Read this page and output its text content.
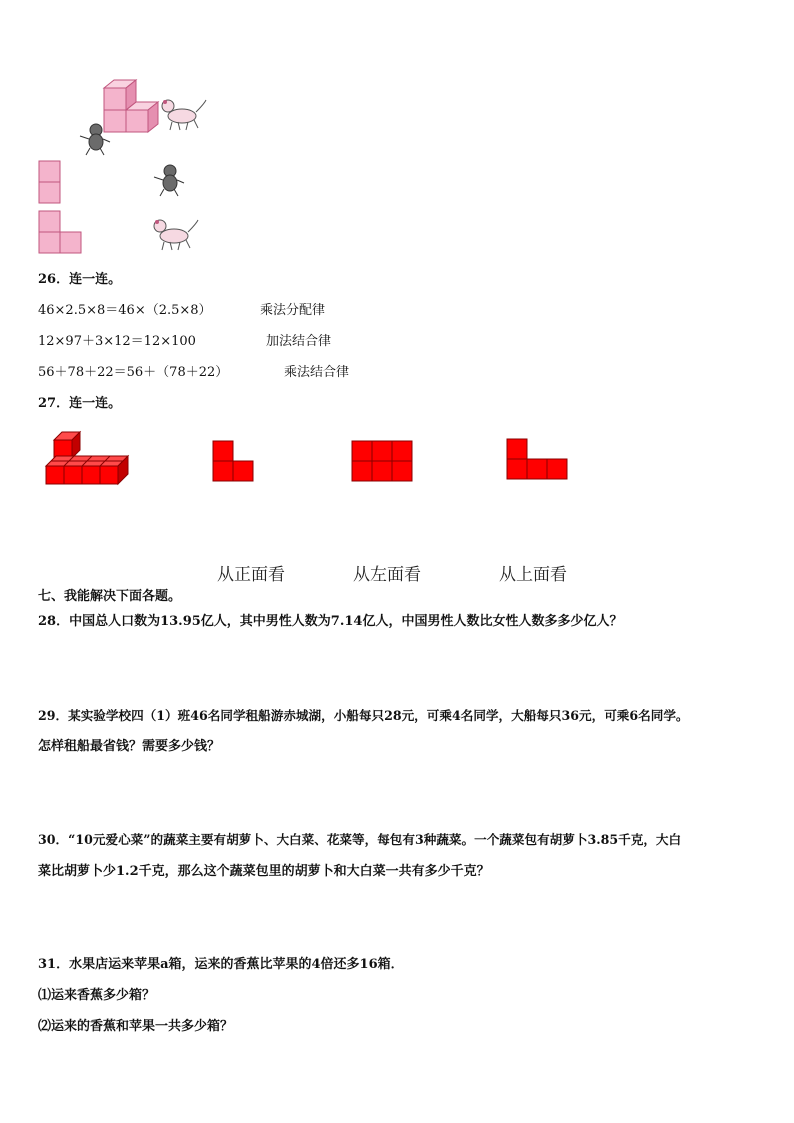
26．连一连。
46×2.5×8＝46×（2.5×8）	乘法分配律
12×97＋3×12＝12×100	加法结合律
56＋78＋22＝56＋（78＋22）	乘法结合律
27．连一连。
从正面看	从左面看	从上面看
七、我能解决下面各题。
28．中国总人口数为13.95亿人，其中男性人数为7.14亿人，中国男性人数比女性人数多多少亿人？
29．某实验学校四（1）班46名同学租船游赤城湖，小船每只28元，可乘4名同学，大船每只36元，可乘6名同学。
怎样租船最省钱？需要多少钱？
30．“10元爱心菜”的蔬菜主要有胡萝卜、大白菜、花菜等，每包有3种蔬菜。一个蔬菜包有胡萝卜3.85千克，大白
菜比胡萝卜少1.2千克，那么这个蔬菜包里的胡萝卜和大白菜一共有多少千克？
31．水果店运来苹果a箱，运来的香蕉比苹果的4倍还多16箱．
⑴运来香蕉多少箱？
⑵运来的香蕉和苹果一共多少箱？
